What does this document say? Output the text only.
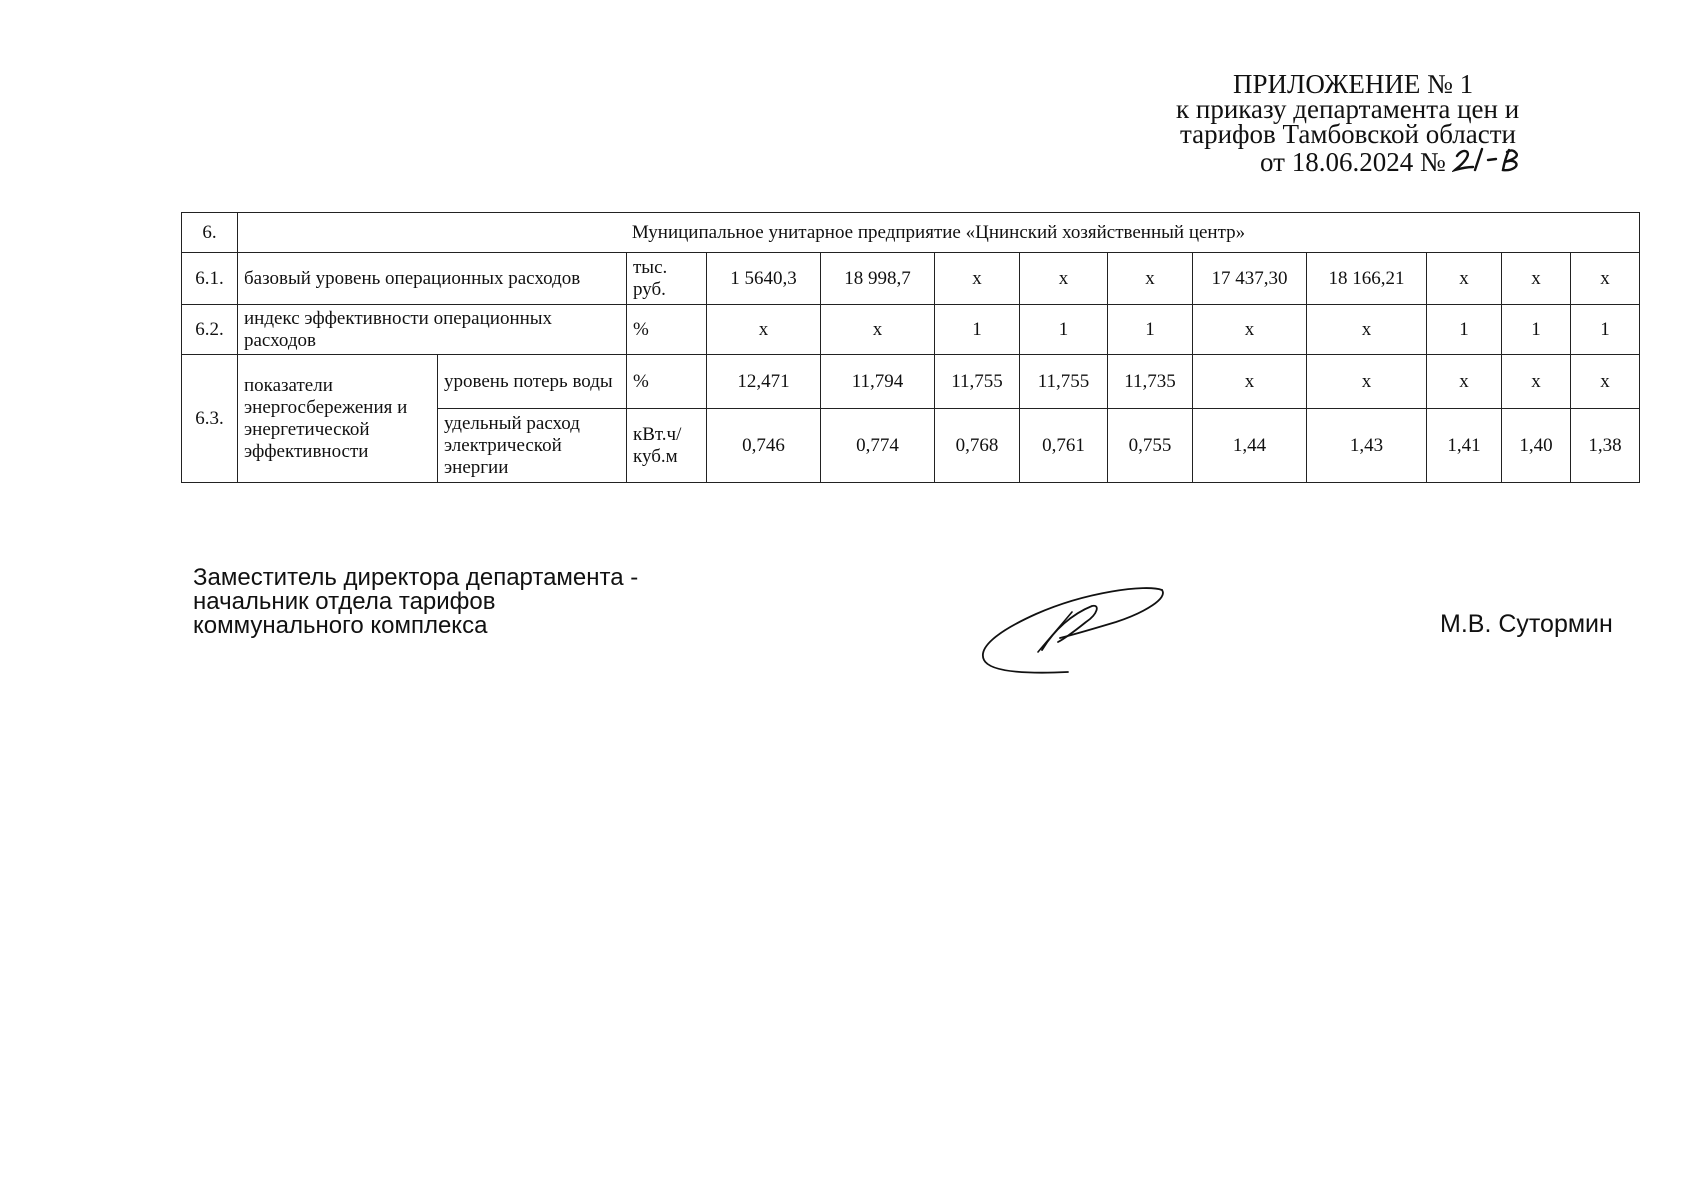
ПРИЛОЖЕНИЕ № 1
к приказу департамента цен и
тарифов Тамбовской области
от 18.06.2024 №
6.	Муниципальное унитарное предприятие «Цнинский хозяйственный центр»												
6.1.	базовый уровень операционных расходов		тыс. руб.	1 5640,3	18 998,7	х	х	х	17 437,30	18 166,21	х	х	х
6.2.	индекс эффективности операционных расходов		%	х	х	1	1	1	х	х	1	1	1
6.3.	показатели энергосбережения и энергетической эффективности	уровень потерь воды	%	12,471	11,794	11,755	11,755	11,735	х	х	х	х	х
		удельный расход электрической энергии	кВт.ч/ куб.м	0,746	0,774	0,768	0,761	0,755	1,44	1,43	1,41	1,40	1,38
Заместитель директора департамента -
начальник отдела тарифов
коммунального комплекса	М.В. Сутормин
